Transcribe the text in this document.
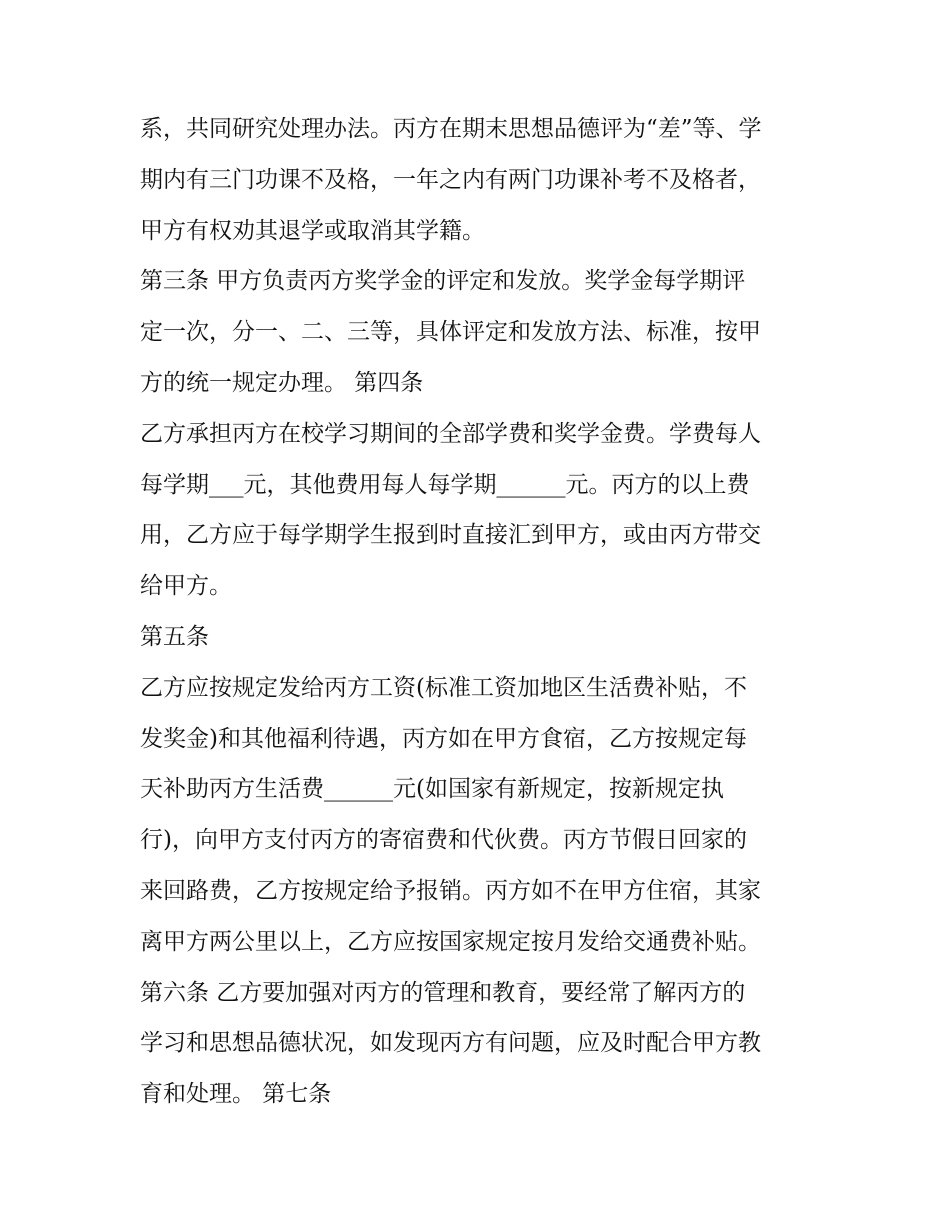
系，共同研究处理办法。丙方在期末思想品德评为“差”等、学
期内有三门功课不及格，一年之内有两门功课补考不及格者，
甲方有权劝其退学或取消其学籍。
第三条 甲方负责丙方奖学金的评定和发放。奖学金每学期评
定一次，分一、二、三等，具体评定和发放方法、标准，按甲
方的统一规定办理。 第四条
乙方承担丙方在校学习期间的全部学费和奖学金费。学费每人
每学期___元，其他费用每人每学期______元。丙方的以上费
用，乙方应于每学期学生报到时直接汇到甲方，或由丙方带交
给甲方。
第五条
乙方应按规定发给丙方工资(标准工资加地区生活费补贴，不
发奖金)和其他福利待遇，丙方如在甲方食宿，乙方按规定每
天补助丙方生活费______元(如国家有新规定，按新规定执
行)，向甲方支付丙方的寄宿费和代伙费。丙方节假日回家的
来回路费，乙方按规定给予报销。丙方如不在甲方住宿，其家
离甲方两公里以上，乙方应按国家规定按月发给交通费补贴。
第六条 乙方要加强对丙方的管理和教育，要经常了解丙方的
学习和思想品德状况，如发现丙方有问题，应及时配合甲方教
育和处理。 第七条
